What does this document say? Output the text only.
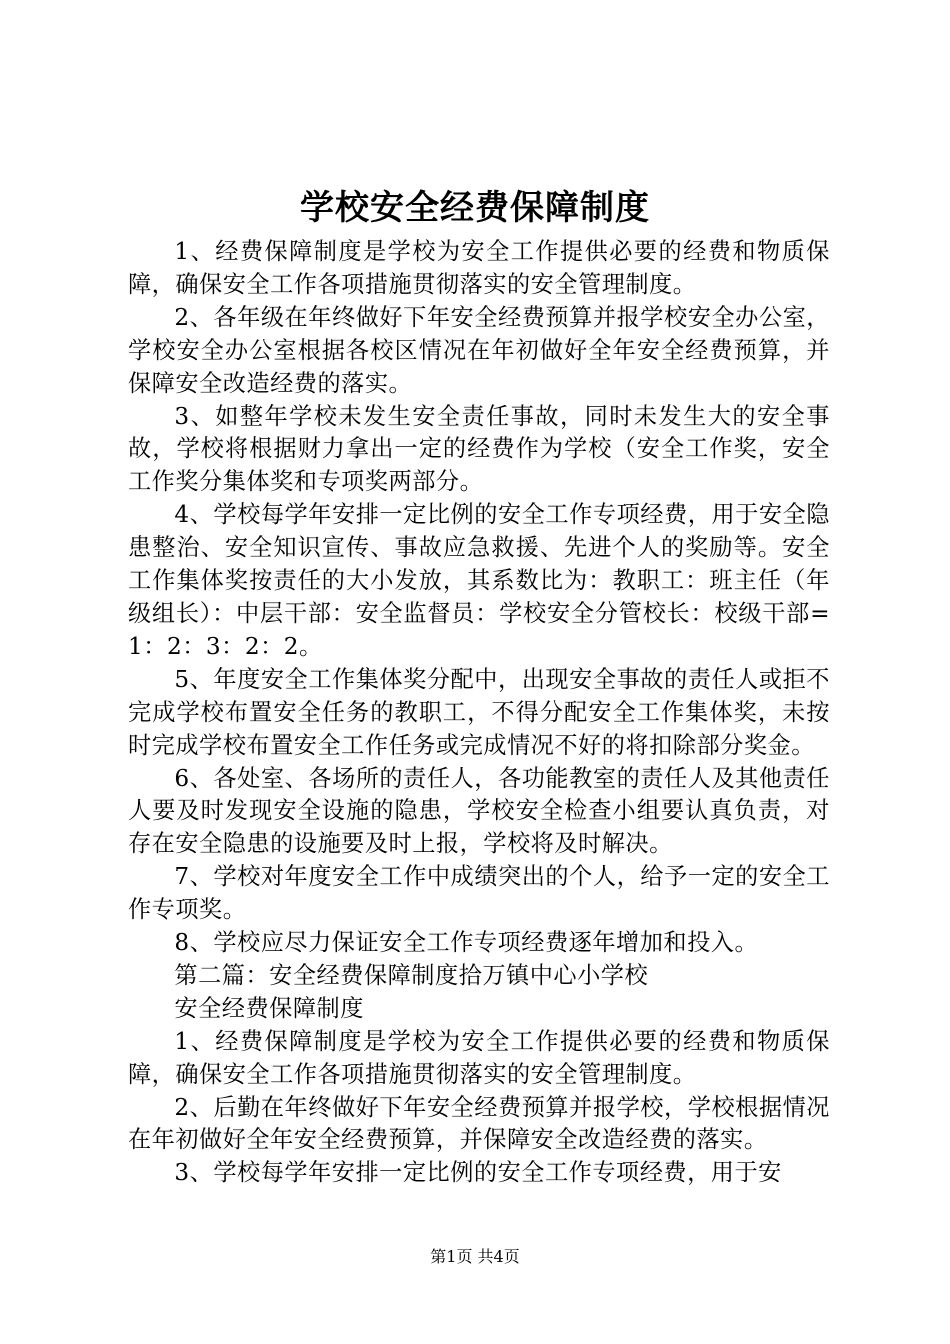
学校安全经费保障制度

1、经费保障制度是学校为安全工作提供必要的经费和物质保障，确保安全工作各项措施贯彻落实的安全管理制度。

2、各年级在年终做好下年安全经费预算并报学校安全办公室，学校安全办公室根据各校区情况在年初做好全年安全经费预算，并保障安全改造经费的落实。

3、如整年学校未发生安全责任事故，同时未发生大的安全事故，学校将根据财力拿出一定的经费作为学校（安全工作奖，安全工作奖分集体奖和专项奖两部分。

4、学校每学年安排一定比例的安全工作专项经费，用于安全隐患整治、安全知识宣传、事故应急救援、先进个人的奖励等。安全工作集体奖按责任的大小发放，其系数比为：教职工：班主任（年级组长）：中层干部：安全监督员：学校安全分管校长：校级干部=1：2：3：2：2。

5、年度安全工作集体奖分配中，出现安全事故的责任人或拒不完成学校布置安全任务的教职工，不得分配安全工作集体奖，未按时完成学校布置安全工作任务或完成情况不好的将扣除部分奖金。

6、各处室、各场所的责任人，各功能教室的责任人及其他责任人要及时发现安全设施的隐患，学校安全检查小组要认真负责，对存在安全隐患的设施要及时上报，学校将及时解决。

7、学校对年度安全工作中成绩突出的个人，给予一定的安全工作专项奖。

8、学校应尽力保证安全工作专项经费逐年增加和投入。

第二篇：安全经费保障制度拾万镇中心小学校

安全经费保障制度

1、经费保障制度是学校为安全工作提供必要的经费和物质保障，确保安全工作各项措施贯彻落实的安全管理制度。

2、后勤在年终做好下年安全经费预算并报学校，学校根据情况在年初做好全年安全经费预算，并保障安全改造经费的落实。

3、学校每学年安排一定比例的安全工作专项经费，用于安

第1页 共4页
